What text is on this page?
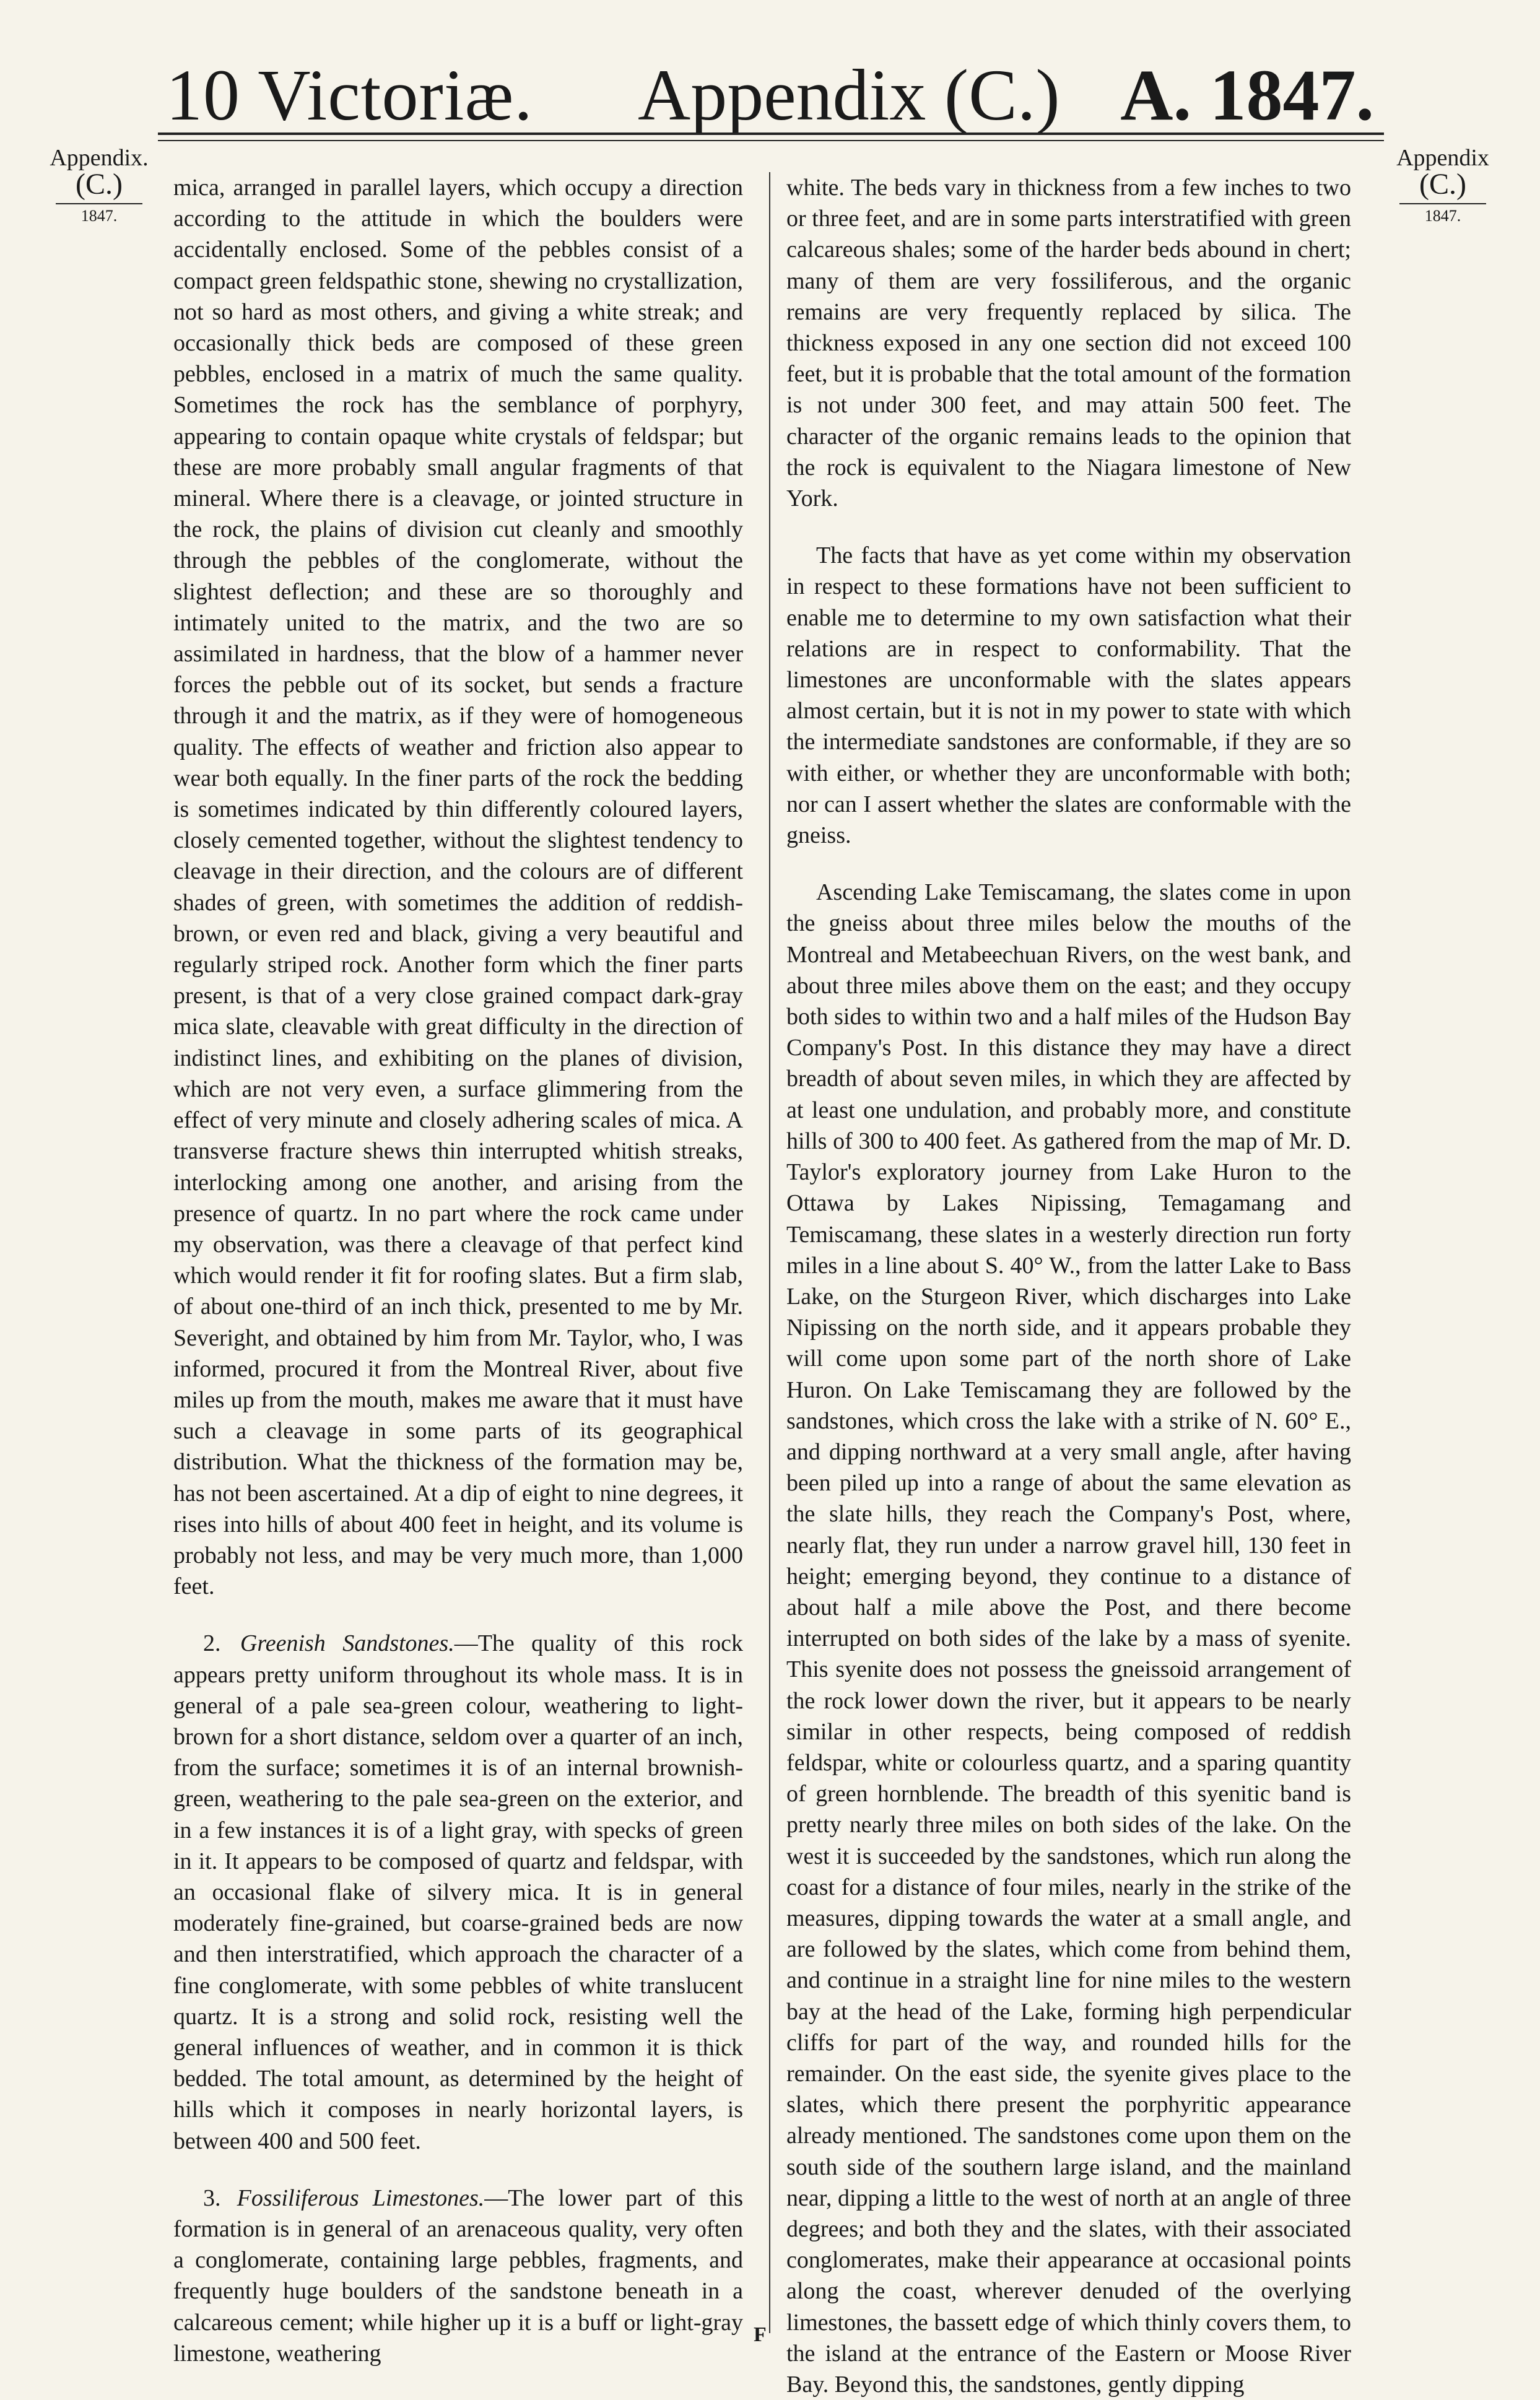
10 Victoriæ. Appendix (C.) A. 1847.
Appendix.
(C.)
1847.
Appendix
(C.)
1847.

mica, arranged in parallel layers, which occupy a direction according to the attitude in which the boulders were accidentally enclosed. Some of the pebbles consist of a compact green feldspathic stone, shewing no crystallization, not so hard as most others, and giving a white streak; and occasionally thick beds are composed of these green pebbles, enclosed in a matrix of much the same quality. Sometimes the rock has the semblance of porphyry, appearing to contain opaque white crystals of feldspar; but these are more probably small angular fragments of that mineral. Where there is a cleavage, or jointed structure in the rock, the plains of division cut cleanly and smoothly through the pebbles of the conglomerate, without the slightest deflection; and these are so thoroughly and intimately united to the matrix, and the two are so assimilated in hardness, that the blow of a hammer never forces the pebble out of its socket, but sends a fracture through it and the matrix, as if they were of homogeneous quality. The effects of weather and friction also appear to wear both equally. In the finer parts of the rock the bedding is sometimes indicated by thin differently coloured layers, closely cemented together, without the slightest tendency to cleavage in their direction, and the colours are of different shades of green, with sometimes the addition of reddish-brown, or even red and black, giving a very beautiful and regularly striped rock. Another form which the finer parts present, is that of a very close grained compact dark-gray mica slate, cleavable with great difficulty in the direction of indistinct lines, and exhibiting on the planes of division, which are not very even, a surface glimmering from the effect of very minute and closely adhering scales of mica. A transverse fracture shews thin interrupted whitish streaks, interlocking among one another, and arising from the presence of quartz. In no part where the rock came under my observation, was there a cleavage of that perfect kind which would render it fit for roofing slates. But a firm slab, of about one-third of an inch thick, presented to me by Mr. Severight, and obtained by him from Mr. Taylor, who, I was informed, procured it from the Montreal River, about five miles up from the mouth, makes me aware that it must have such a cleavage in some parts of its geographical distribution. What the thickness of the formation may be, has not been ascertained. At a dip of eight to nine degrees, it rises into hills of about 400 feet in height, and its volume is probably not less, and may be very much more, than 1,000 feet.

2. Greenish Sandstones.—The quality of this rock appears pretty uniform throughout its whole mass. It is in general of a pale sea-green colour, weathering to light-brown for a short distance, seldom over a quarter of an inch, from the surface; sometimes it is of an internal brownish-green, weathering to the pale sea-green on the exterior, and in a few instances it is of a light gray, with specks of green in it. It appears to be composed of quartz and feldspar, with an occasional flake of silvery mica. It is in general moderately fine-grained, but coarse-grained beds are now and then interstratified, which approach the character of a fine conglomerate, with some pebbles of white translucent quartz. It is a strong and solid rock, resisting well the general influences of weather, and in common it is thick bedded. The total amount, as determined by the height of hills which it composes in nearly horizontal layers, is between 400 and 500 feet.

3. Fossiliferous Limestones.—The lower part of this formation is in general of an arenaceous quality, very often a conglomerate, containing large pebbles, fragments, and frequently huge boulders of the sandstone beneath in a calcareous cement; while higher up it is a buff or light-gray limestone, weathering

white. The beds vary in thickness from a few inches to two or three feet, and are in some parts interstratified with green calcareous shales; some of the harder beds abound in chert; many of them are very fossiliferous, and the organic remains are very frequently replaced by silica. The thickness exposed in any one section did not exceed 100 feet, but it is probable that the total amount of the formation is not under 300 feet, and may attain 500 feet. The character of the organic remains leads to the opinion that the rock is equivalent to the Niagara limestone of New York.

The facts that have as yet come within my observation in respect to these formations have not been sufficient to enable me to determine to my own satisfaction what their relations are in respect to conformability. That the limestones are unconformable with the slates appears almost certain, but it is not in my power to state with which the intermediate sandstones are conformable, if they are so with either, or whether they are unconformable with both; nor can I assert whether the slates are conformable with the gneiss.

Ascending Lake Temiscamang, the slates come in upon the gneiss about three miles below the mouths of the Montreal and Metabeechuan Rivers, on the west bank, and about three miles above them on the east; and they occupy both sides to within two and a half miles of the Hudson Bay Company's Post. In this distance they may have a direct breadth of about seven miles, in which they are affected by at least one undulation, and probably more, and constitute hills of 300 to 400 feet. As gathered from the map of Mr. D. Taylor's exploratory journey from Lake Huron to the Ottawa by Lakes Nipissing, Temagamang and Temiscamang, these slates in a westerly direction run forty miles in a line about S. 40° W., from the latter Lake to Bass Lake, on the Sturgeon River, which discharges into Lake Nipissing on the north side, and it appears probable they will come upon some part of the north shore of Lake Huron. On Lake Temiscamang they are followed by the sandstones, which cross the lake with a strike of N. 60° E., and dipping northward at a very small angle, after having been piled up into a range of about the same elevation as the slate hills, they reach the Company's Post, where, nearly flat, they run under a narrow gravel hill, 130 feet in height; emerging beyond, they continue to a distance of about half a mile above the Post, and there become interrupted on both sides of the lake by a mass of syenite. This syenite does not possess the gneissoid arrangement of the rock lower down the river, but it appears to be nearly similar in other respects, being composed of reddish feldspar, white or colourless quartz, and a sparing quantity of green hornblende. The breadth of this syenitic band is pretty nearly three miles on both sides of the lake. On the west it is succeeded by the sandstones, which run along the coast for a distance of four miles, nearly in the strike of the measures, dipping towards the water at a small angle, and are followed by the slates, which come from behind them, and continue in a straight line for nine miles to the western bay at the head of the Lake, forming high perpendicular cliffs for part of the way, and rounded hills for the remainder. On the east side, the syenite gives place to the slates, which there present the porphyritic appearance already mentioned. The sandstones come upon them on the south side of the southern large island, and the mainland near, dipping a little to the west of north at an angle of three degrees; and both they and the slates, with their associated conglomerates, make their appearance at occasional points along the coast, wherever denuded of the overlying limestones, the bassett edge of which thinly covers them, to the island at the entrance of the Eastern or Moose River Bay. Beyond this, the sandstones, gently dipping

F
